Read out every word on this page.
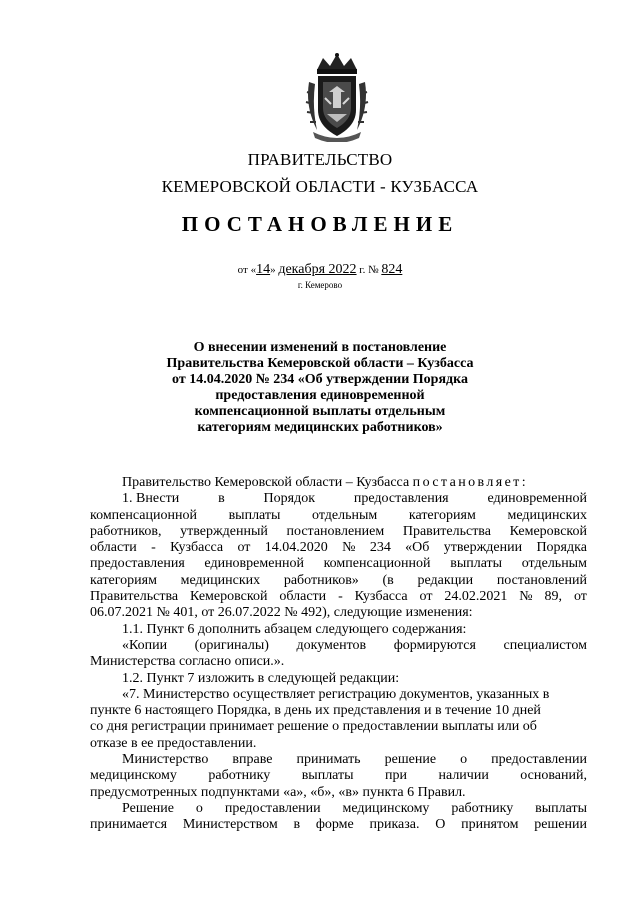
ПРАВИТЕЛЬСТВО
КЕМЕРОВСКОЙ ОБЛАСТИ - КУЗБАССА
ПОСТАНОВЛЕНИЕ
от «14» декабря 2022 г. № 824
г. Кемерово
О внесении изменений в постановление
Правительства Кемеровской области – Кузбасса
от 14.04.2020 № 234 «Об утверждении Порядка
предоставления единовременной
компенсационной выплаты отдельным
категориям медицинских работников»
Правительство Кемеровской области – Кузбасса постановляет:
1. Внести	в	Порядок	предоставления	единовременной
компенсационной выплаты отдельным категориям медицинских
работников, утвержденный постановлением Правительства Кемеровской
области - Кузбасса от 14.04.2020 № 234 «Об утверждении Порядка
предоставления единовременной компенсационной выплаты отдельным
категориям медицинских работников» (в редакции постановлений
Правительства Кемеровской области - Кузбасса от 24.02.2021 № 89, от
06.07.2021 № 401, от 26.07.2022 № 492), следующие изменения:
1.1. Пункт 6 дополнить абзацем следующего содержания:
«Копии (оригиналы) документов формируются специалистом
Министерства согласно описи.».
1.2. Пункт 7 изложить в следующей редакции:
«7. Министерство осуществляет регистрацию документов, указанных в
пункте 6 настоящего Порядка, в день их представления и в течение 10 дней
со дня регистрации принимает решение о предоставлении выплаты или об
отказе в ее предоставлении.
Министерство вправе принимать решение о предоставлении
медицинскому работнику выплаты при наличии оснований,
предусмотренных подпунктами «а», «б», «в» пункта 6 Правил.
Решение о предоставлении медицинскому работнику выплаты
принимается Министерством в форме приказа. О принятом решении
